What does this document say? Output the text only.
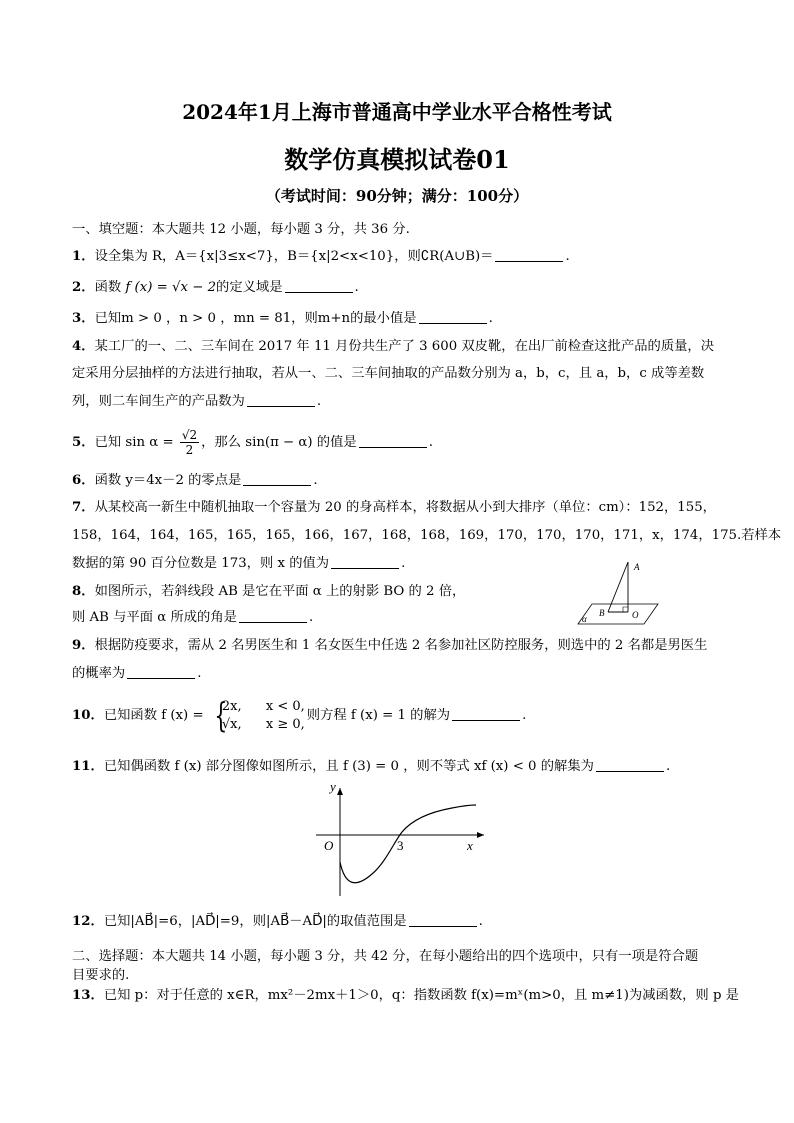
2024年1月上海市普通高中学业水平合格性考试
数学仿真模拟试卷01
（考试时间：90分钟；满分：100分）
一、填空题：本大题共 12 小题，每小题 3 分，共 36 分.
1．设全集为 R，A＝{x|3≤x<7}，B＝{x|2<x<10}，则∁R(A∪B)＝	.
2．函数 f (x) = √x − 2的定义域是	.
3．已知m > 0 ，n > 0 ，mn = 81，则m+n的最小值是	.
4．某工厂的一、二、三车间在 2017 年 11 月份共生产了 3 600 双皮靴，在出厂前检查这批产品的质量，决
定采用分层抽样的方法进行抽取，若从一、二、三车间抽取的产品数分别为 a，b，c，且 a，b，c 成等差数
列，则二车间生产的产品数为	.
5．已知 $\sin \alpha = \frac{√2}{2}$ ，那么 sin(π − α) 的值是	.
6．函数 y＝4x－2 的零点是	.
7．从某校高一新生中随机抽取一个容量为 20 的身高样本，将数据从小到大排序（单位：cm）：152，155，
158，164，164，165，165，165，166，167，168，168，169，170，170，170，171，x，174，175.若样本
数据的第 90 百分位数是 173，则 x 的值为	.
8．如图所示，若斜线段 AB 是它在平面 α 上的射影 BO 的 2 倍，
则 AB 与平面 α 所成的角是	.
A
B	O
α
9．根据防疫要求，需从 2 名男医生和 1 名女医生中任选 2 名参加社区防控服务，则选中的 2 名都是男医生
的概率为	.
10．已知函数 f (x) = {
2x, x < 0,
√x, x ≥ 0,
则方程 f (x) = 1 的解为	.
11．已知偶函数 f (x) 部分图像如图所示，且 f (3) = 0 ，则不等式 xf (x) < 0 的解集为	.
y
O	3	x
12．已知|AB⃗|=6，|AD⃗|=9，则|AB⃗－AD⃗|的取值范围是	.
二、选择题：本大题共 14 小题，每小题 3 分，共 42 分，在每小题给出的四个选项中，只有一项是符合题
目要求的.
13．已知 p：对于任意的 x∈R，mx²－2mx＋1＞0，q：指数函数 f(x)=mˣ(m>0，且 m≠1)为减函数，则 p 是
